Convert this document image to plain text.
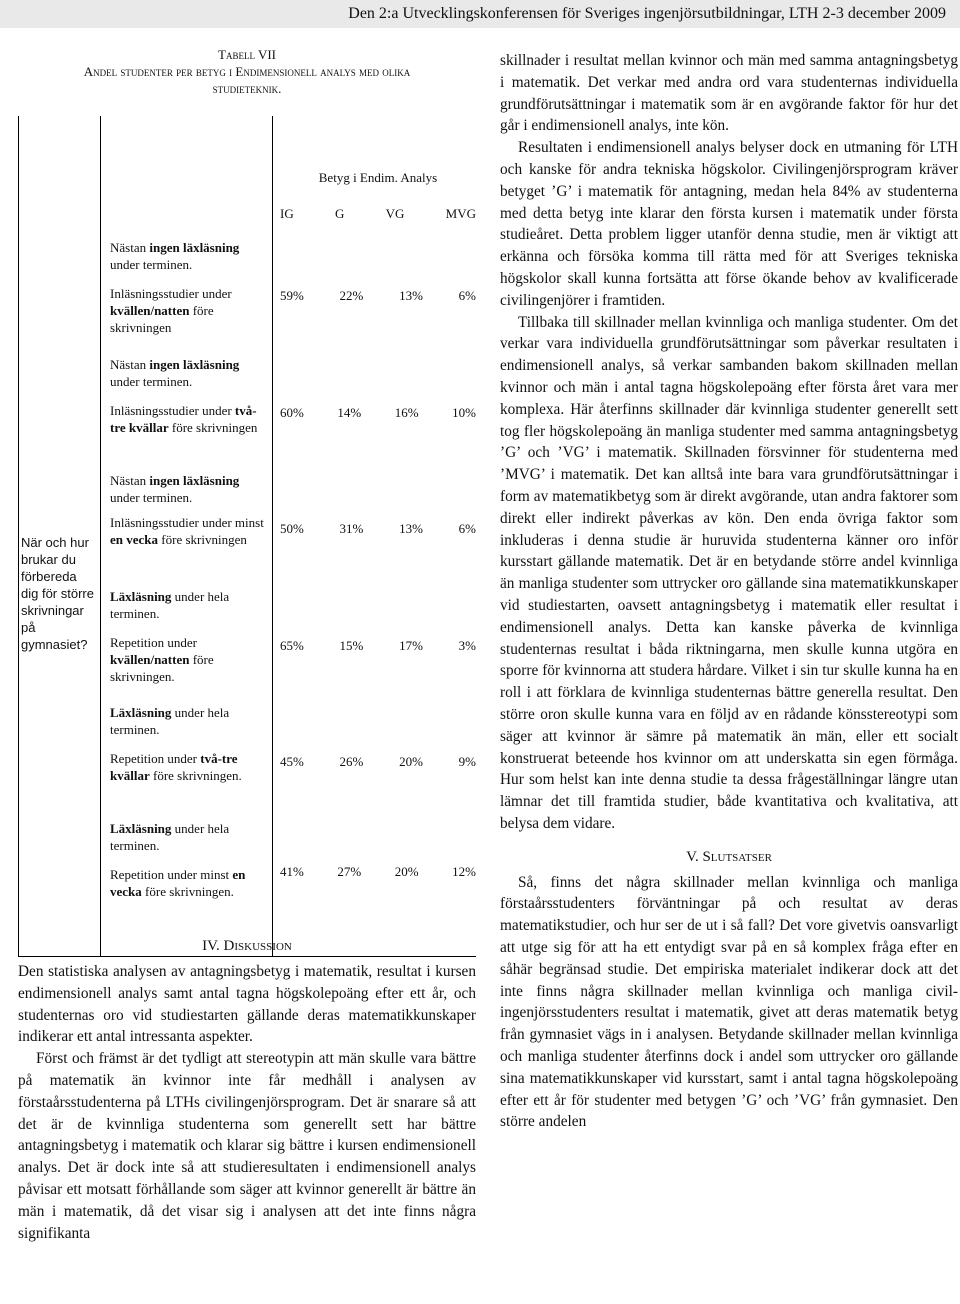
Den 2:a Utvecklingskonferensen för Sveriges ingenjörsutbildningar, LTH 2-3 december 2009
Tabell VII
Andel studenter per betyg i Endimensionell analys med olika
studieteknik.
När och hur brukar du förbereda dig för större skrivningar på gymnasiet?
Betyg i Endim. Analys
IG	G	VG	MVG
Nästan ingen läxläsning under terminen.
Inläsningsstudier under kvällen/natten före skrivningen
59%	22%	13%	6%
Nästan ingen läxläsning under terminen.
Inläsningsstudier under två-tre kvällar före skrivningen
60%	14%	16%	10%
Nästan ingen läxläsning under terminen.
Inläsningsstudier under minst en vecka före skrivningen
50%	31%	13%	6%
Läxläsning under hela terminen.
Repetition under kvällen/natten före skrivningen.
65%	15%	17%	3%
Läxläsning under hela terminen.
Repetition under två-tre kvällar före skrivningen.
45%	26%	20%	9%
Läxläsning under hela terminen.
Repetition under minst en vecka före skrivningen.
41%	27%	20%	12%
IV. Diskussion

Den statistiska analysen av antagningsbetyg i matematik, resultat i kursen endimensionell analys samt antal tagna högskolepoäng efter ett år, och studenternas oro vid studiestarten gällande deras matematikkunskaper indikerar ett antal intressanta aspekter.

Först och främst är det tydligt att stereotypin att män skulle vara bättre på matematik än kvinnor inte får medhåll i analysen av förstaårsstudenterna på LTHs civilingenjörsprogram. Det är snarare så att det är de kvinnliga studenterna som generellt sett har bättre antagningsbetyg i matematik och klarar sig bättre i kursen endimensionell analys. Det är dock inte så att studieresultaten i endimensionell analys påvisar ett motsatt förhållande som säger att kvinnor generellt är bättre än män i matematik, då det visar sig i analysen att det inte finns några signifikanta

skillnader i resultat mellan kvinnor och män med samma antagningsbetyg i matematik. Det verkar med andra ord vara studenternas individuella grundförutsättningar i matematik som är en avgörande faktor för hur det går i endimensionell analys, inte kön.

Resultaten i endimensionell analys belyser dock en utmaning för LTH och kanske för andra tekniska högskolor. Civilingenjörsprogram kräver betyget ’G’ i matematik för antagning, medan hela 84% av studenterna med detta betyg inte klarar den första kursen i matematik under första studieåret. Detta problem ligger utanför denna studie, men är viktigt att erkänna och försöka komma till rätta med för att Sveriges tekniska högskolor skall kunna fortsätta att förse ökande behov av kvalificerade civilingenjörer i framtiden.

Tillbaka till skillnader mellan kvinnliga och manliga studenter. Om det verkar vara individuella grundförutsättningar som påverkar resultaten i endimensionell analys, så verkar sambanden bakom skillnaden mellan kvinnor och män i antal tagna högskolepoäng efter första året vara mer komplexa. Här återfinns skillnader där kvinnliga studenter generellt sett tog fler högskolepoäng än manliga studenter med samma antagningsbetyg ’G’ och ’VG’ i matematik. Skillnaden försvinner för studenterna med ’MVG’ i matematik. Det kan alltså inte bara vara grundförutsättningar i form av matematikbetyg som är direkt avgörande, utan andra faktorer som direkt eller indirekt påverkas av kön. Den enda övriga faktor som inkluderas i denna studie är huruvida studenterna känner oro inför kursstart gällande matematik. Det är en betydande större andel kvinnliga än manliga studenter som uttrycker oro gällande sina matematikkunskaper vid studiestarten, oavsett antagningsbetyg i matematik eller resultat i endimensionell analys. Detta kan kanske påverka de kvinnliga studenternas resultat i båda riktningarna, men skulle kunna utgöra en sporre för kvinnorna att studera hårdare. Vilket i sin tur skulle kunna ha en roll i att förklara de kvinnliga studenternas bättre generella resultat. Den större oron skulle kunna vara en följd av en rådande könsstereotypi som säger att kvinnor är sämre på matematik än män, eller ett socialt konstruerat beteende hos kvinnor om att underskatta sin egen förmåga. Hur som helst kan inte denna studie ta dessa frågeställningar längre utan lämnar det till framtida studier, både kvantitativa och kvalitativa, att belysa dem vidare.

V. Slutsatser

Så, finns det några skillnader mellan kvinnliga och manliga förstaårsstudenters förväntningar på och resultat av deras matematikstudier, och hur ser de ut i så fall? Det vore givetvis oansvarligt att utge sig för att ha ett entydigt svar på en så komplex fråga efter en såhär begränsad studie. Det empiriska materialet indikerar dock att det inte finns några skillnader mellan kvinnliga och manliga civil-ingenjörsstudenters resultat i matematik, givet att deras matematik betyg från gymnasiet vägs in i analysen. Betydande skillnader mellan kvinnliga och manliga studenter återfinns dock i andel som uttrycker oro gällande sina matematikkunskaper vid kursstart, samt i antal tagna högskolepoäng efter ett år för studenter med betygen ’G’ och ’VG’ från gymnasiet. Den större andelen
